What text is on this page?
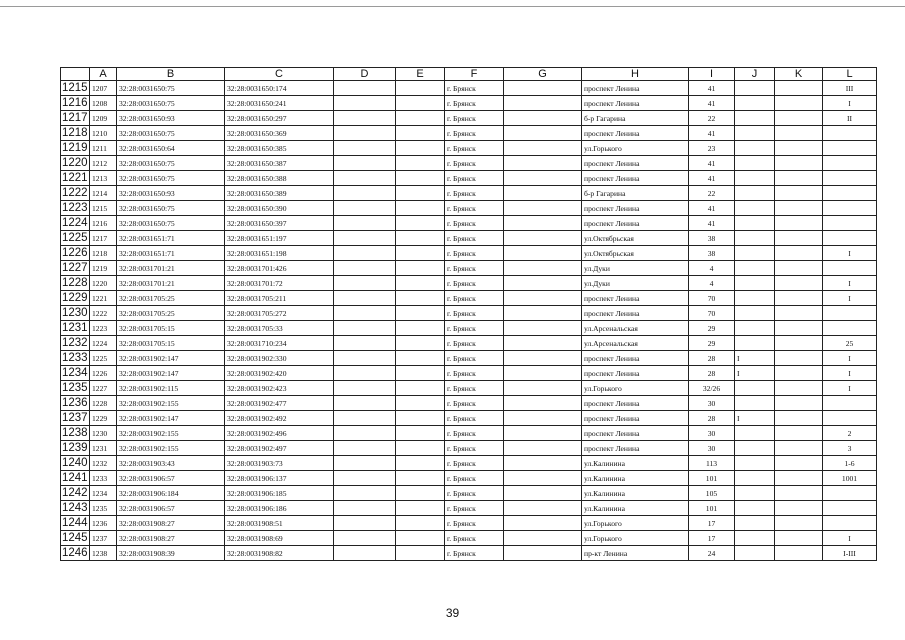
	A	B	C	D	E	F	G	H	I	J	K	L
1215	1207	32:28:0031650:75	32:28:0031650:174			г. Брянск		проспект Ленина	41			III
1216	1208	32:28:0031650:75	32:28:0031650:241			г. Брянск		проспект Ленина	41			I
1217	1209	32:28:0031650:93	32:28:0031650:297			г. Брянск		б-р Гагарина	22			II
1218	1210	32:28:0031650:75	32:28:0031650:369			г. Брянск		проспект Ленина	41			
1219	1211	32:28:0031650:64	32:28:0031650:385			г. Брянск		ул.Горького	23			
1220	1212	32:28:0031650:75	32:28:0031650:387			г. Брянск		проспект Ленина	41			
1221	1213	32:28:0031650:75	32:28:0031650:388			г. Брянск		проспект Ленина	41			
1222	1214	32:28:0031650:93	32:28:0031650:389			г. Брянск		б-р Гагарина	22			
1223	1215	32:28:0031650:75	32:28:0031650:390			г. Брянск		проспект Ленина	41			
1224	1216	32:28:0031650:75	32:28:0031650:397			г. Брянск		проспект Ленина	41			
1225	1217	32:28:0031651:71	32:28:0031651:197			г. Брянск		ул.Октябрьская	38			
1226	1218	32:28:0031651:71	32:28:0031651:198			г. Брянск		ул.Октябрьская	38			I
1227	1219	32:28:0031701:21	32:28:0031701:426			г. Брянск		ул.Дуки	4			
1228	1220	32:28:0031701:21	32:28:0031701:72			г. Брянск		ул.Дуки	4			I
1229	1221	32:28:0031705:25	32:28:0031705:211			г. Брянск		проспект Ленина	70			I
1230	1222	32:28:0031705:25	32:28:0031705:272			г. Брянск		проспект Ленина	70			
1231	1223	32:28:0031705:15	32:28:0031705:33			г. Брянск		ул.Арсенальская	29			
1232	1224	32:28:0031705:15	32:28:0031710:234			г. Брянск		ул.Арсенальская	29			25
1233	1225	32:28:0031902:147	32:28:0031902:330			г. Брянск		проспект Ленина	28	I		I
1234	1226	32:28:0031902:147	32:28:0031902:420			г. Брянск		проспект Ленина	28	I		I
1235	1227	32:28:0031902:115	32:28:0031902:423			г. Брянск		ул.Горького	32/26			I
1236	1228	32:28:0031902:155	32:28:0031902:477			г. Брянск		проспект Ленина	30			
1237	1229	32:28:0031902:147	32:28:0031902:492			г. Брянск		проспект Ленина	28	I		
1238	1230	32:28:0031902:155	32:28:0031902:496			г. Брянск		проспект Ленина	30			2
1239	1231	32:28:0031902:155	32:28:0031902:497			г. Брянск		проспект Ленина	30			3
1240	1232	32:28:0031903:43	32:28:0031903:73			г. Брянск		ул.Калинина	113			1-6
1241	1233	32:28:0031906:57	32:28:0031906:137			г. Брянск		ул.Калинина	101			1001
1242	1234	32:28:0031906:184	32:28:0031906:185			г. Брянск		ул.Калинина	105			
1243	1235	32:28:0031906:57	32:28:0031906:186			г. Брянск		ул.Калинина	101			
1244	1236	32:28:0031908:27	32:28:0031908:51			г. Брянск		ул.Горького	17			
1245	1237	32:28:0031908:27	32:28:0031908:69			г. Брянск		ул.Горького	17			I
1246	1238	32:28:0031908:39	32:28:0031908:82			г. Брянск		пр-кт Ленина	24			I-III
39
